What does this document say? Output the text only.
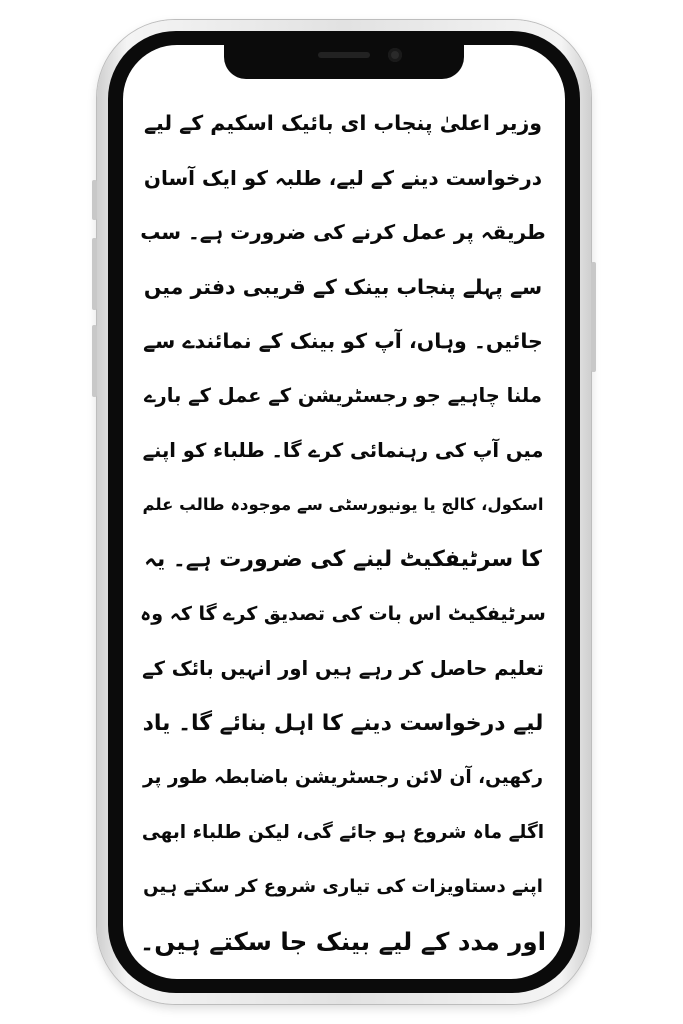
وزیر اعلیٰ پنجاب ای بائیک اسکیم کے لیے
درخواست دینے کے لیے، طلبہ کو ایک آسان
طریقہ پر عمل کرنے کی ضرورت ہے۔ سب
سے پہلے پنجاب بینک کے قریبی دفتر میں
جائیں۔ وہاں، آپ کو بینک کے نمائندے سے
ملنا چاہیے جو رجسٹریشن کے عمل کے بارے
میں آپ کی رہنمائی کرے گا۔ طلباء کو اپنے
اسکول، کالج یا یونیورسٹی سے موجودہ طالب علم
کا سرٹیفکیٹ لینے کی ضرورت ہے۔ یہ
سرٹیفکیٹ اس بات کی تصدیق کرے گا کہ وہ
تعلیم حاصل کر رہے ہیں اور انہیں بائک کے
لیے درخواست دینے کا اہل بنائے گا۔ یاد
رکھیں، آن لائن رجسٹریشن باضابطہ طور پر
اگلے ماہ شروع ہو جائے گی، لیکن طلباء ابھی
اپنے دستاویزات کی تیاری شروع کر سکتے ہیں
اور مدد کے لیے بینک جا سکتے ہیں۔
